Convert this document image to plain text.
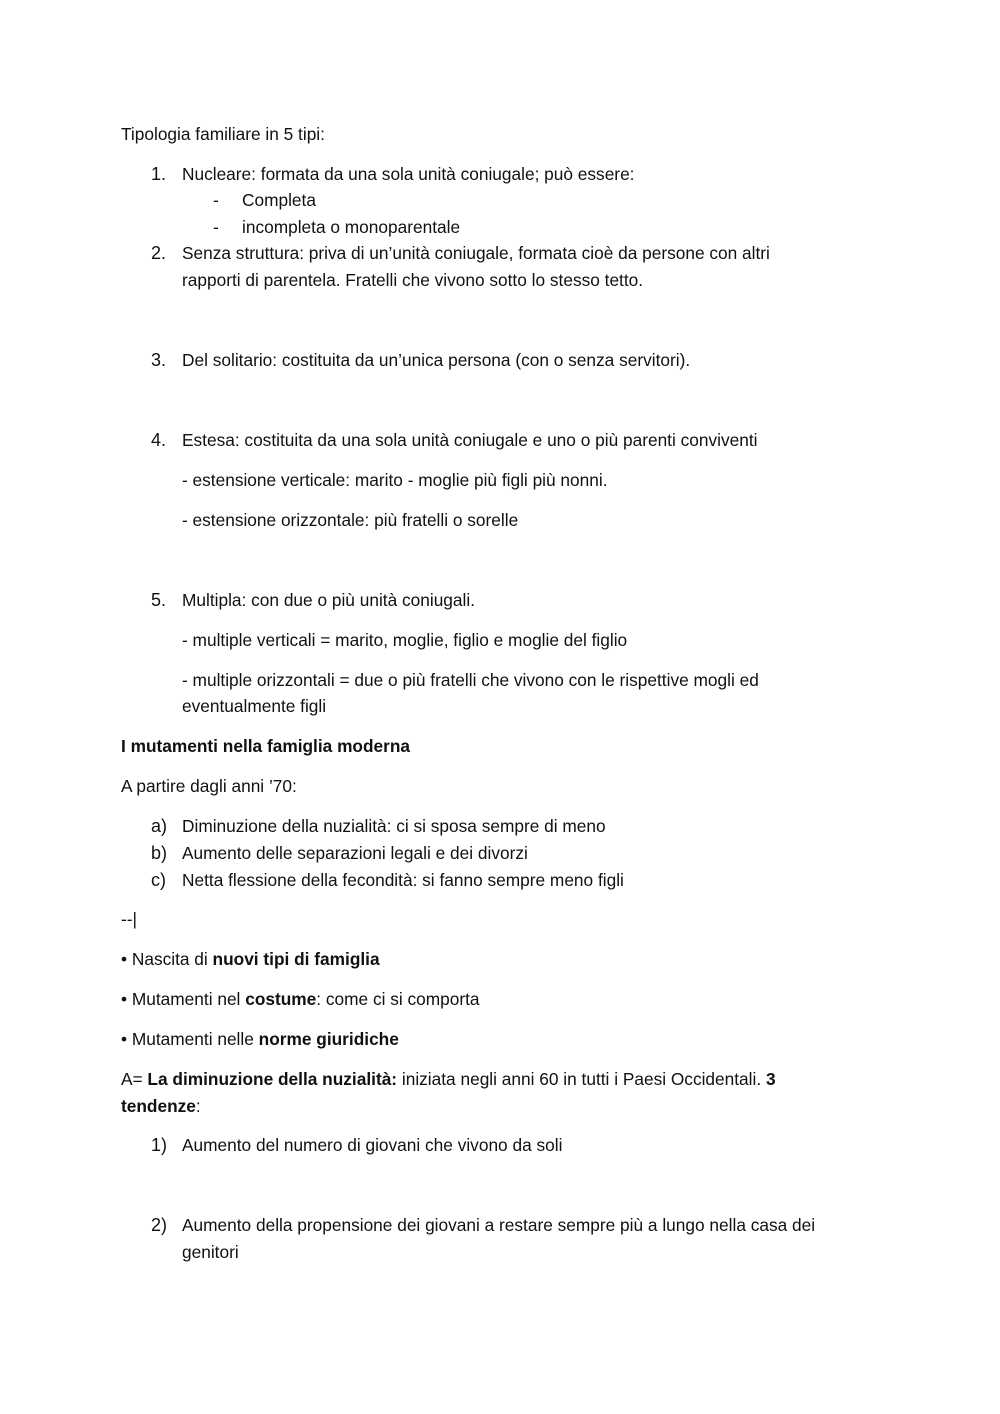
Tipologia familiare in 5 tipi:
1. Nucleare: formata da una sola unità coniugale; può essere:
- Completa
- incompleta o monoparentale
2. Senza struttura: priva di un’unità coniugale, formata cioè da persone con altri
rapporti di parentela. Fratelli che vivono sotto lo stesso tetto.
3. Del solitario: costituita da un’unica persona (con o senza servitori).
4. Estesa: costituita da una sola unità coniugale e uno o più parenti conviventi
- estensione verticale: marito - moglie più figli più nonni.
- estensione orizzontale: più fratelli o sorelle
5. Multipla: con due o più unità coniugali.
- multiple verticali = marito, moglie, figlio e moglie del figlio
- multiple orizzontali = due o più fratelli che vivono con le rispettive mogli ed
eventualmente figli
I mutamenti nella famiglia moderna
A partire dagli anni ’70:
a) Diminuzione della nuzialità: ci si sposa sempre di meno
b) Aumento delle separazioni legali e dei divorzi
c) Netta flessione della fecondità: si fanno sempre meno figli
--|
• Nascita di nuovi tipi di famiglia
• Mutamenti nel costume: come ci si comporta
• Mutamenti nelle norme giuridiche
A= La diminuzione della nuzialità: iniziata negli anni 60 in tutti i Paesi Occidentali. 3
tendenze:
1) Aumento del numero di giovani che vivono da soli
2) Aumento della propensione dei giovani a restare sempre più a lungo nella casa dei
genitori
